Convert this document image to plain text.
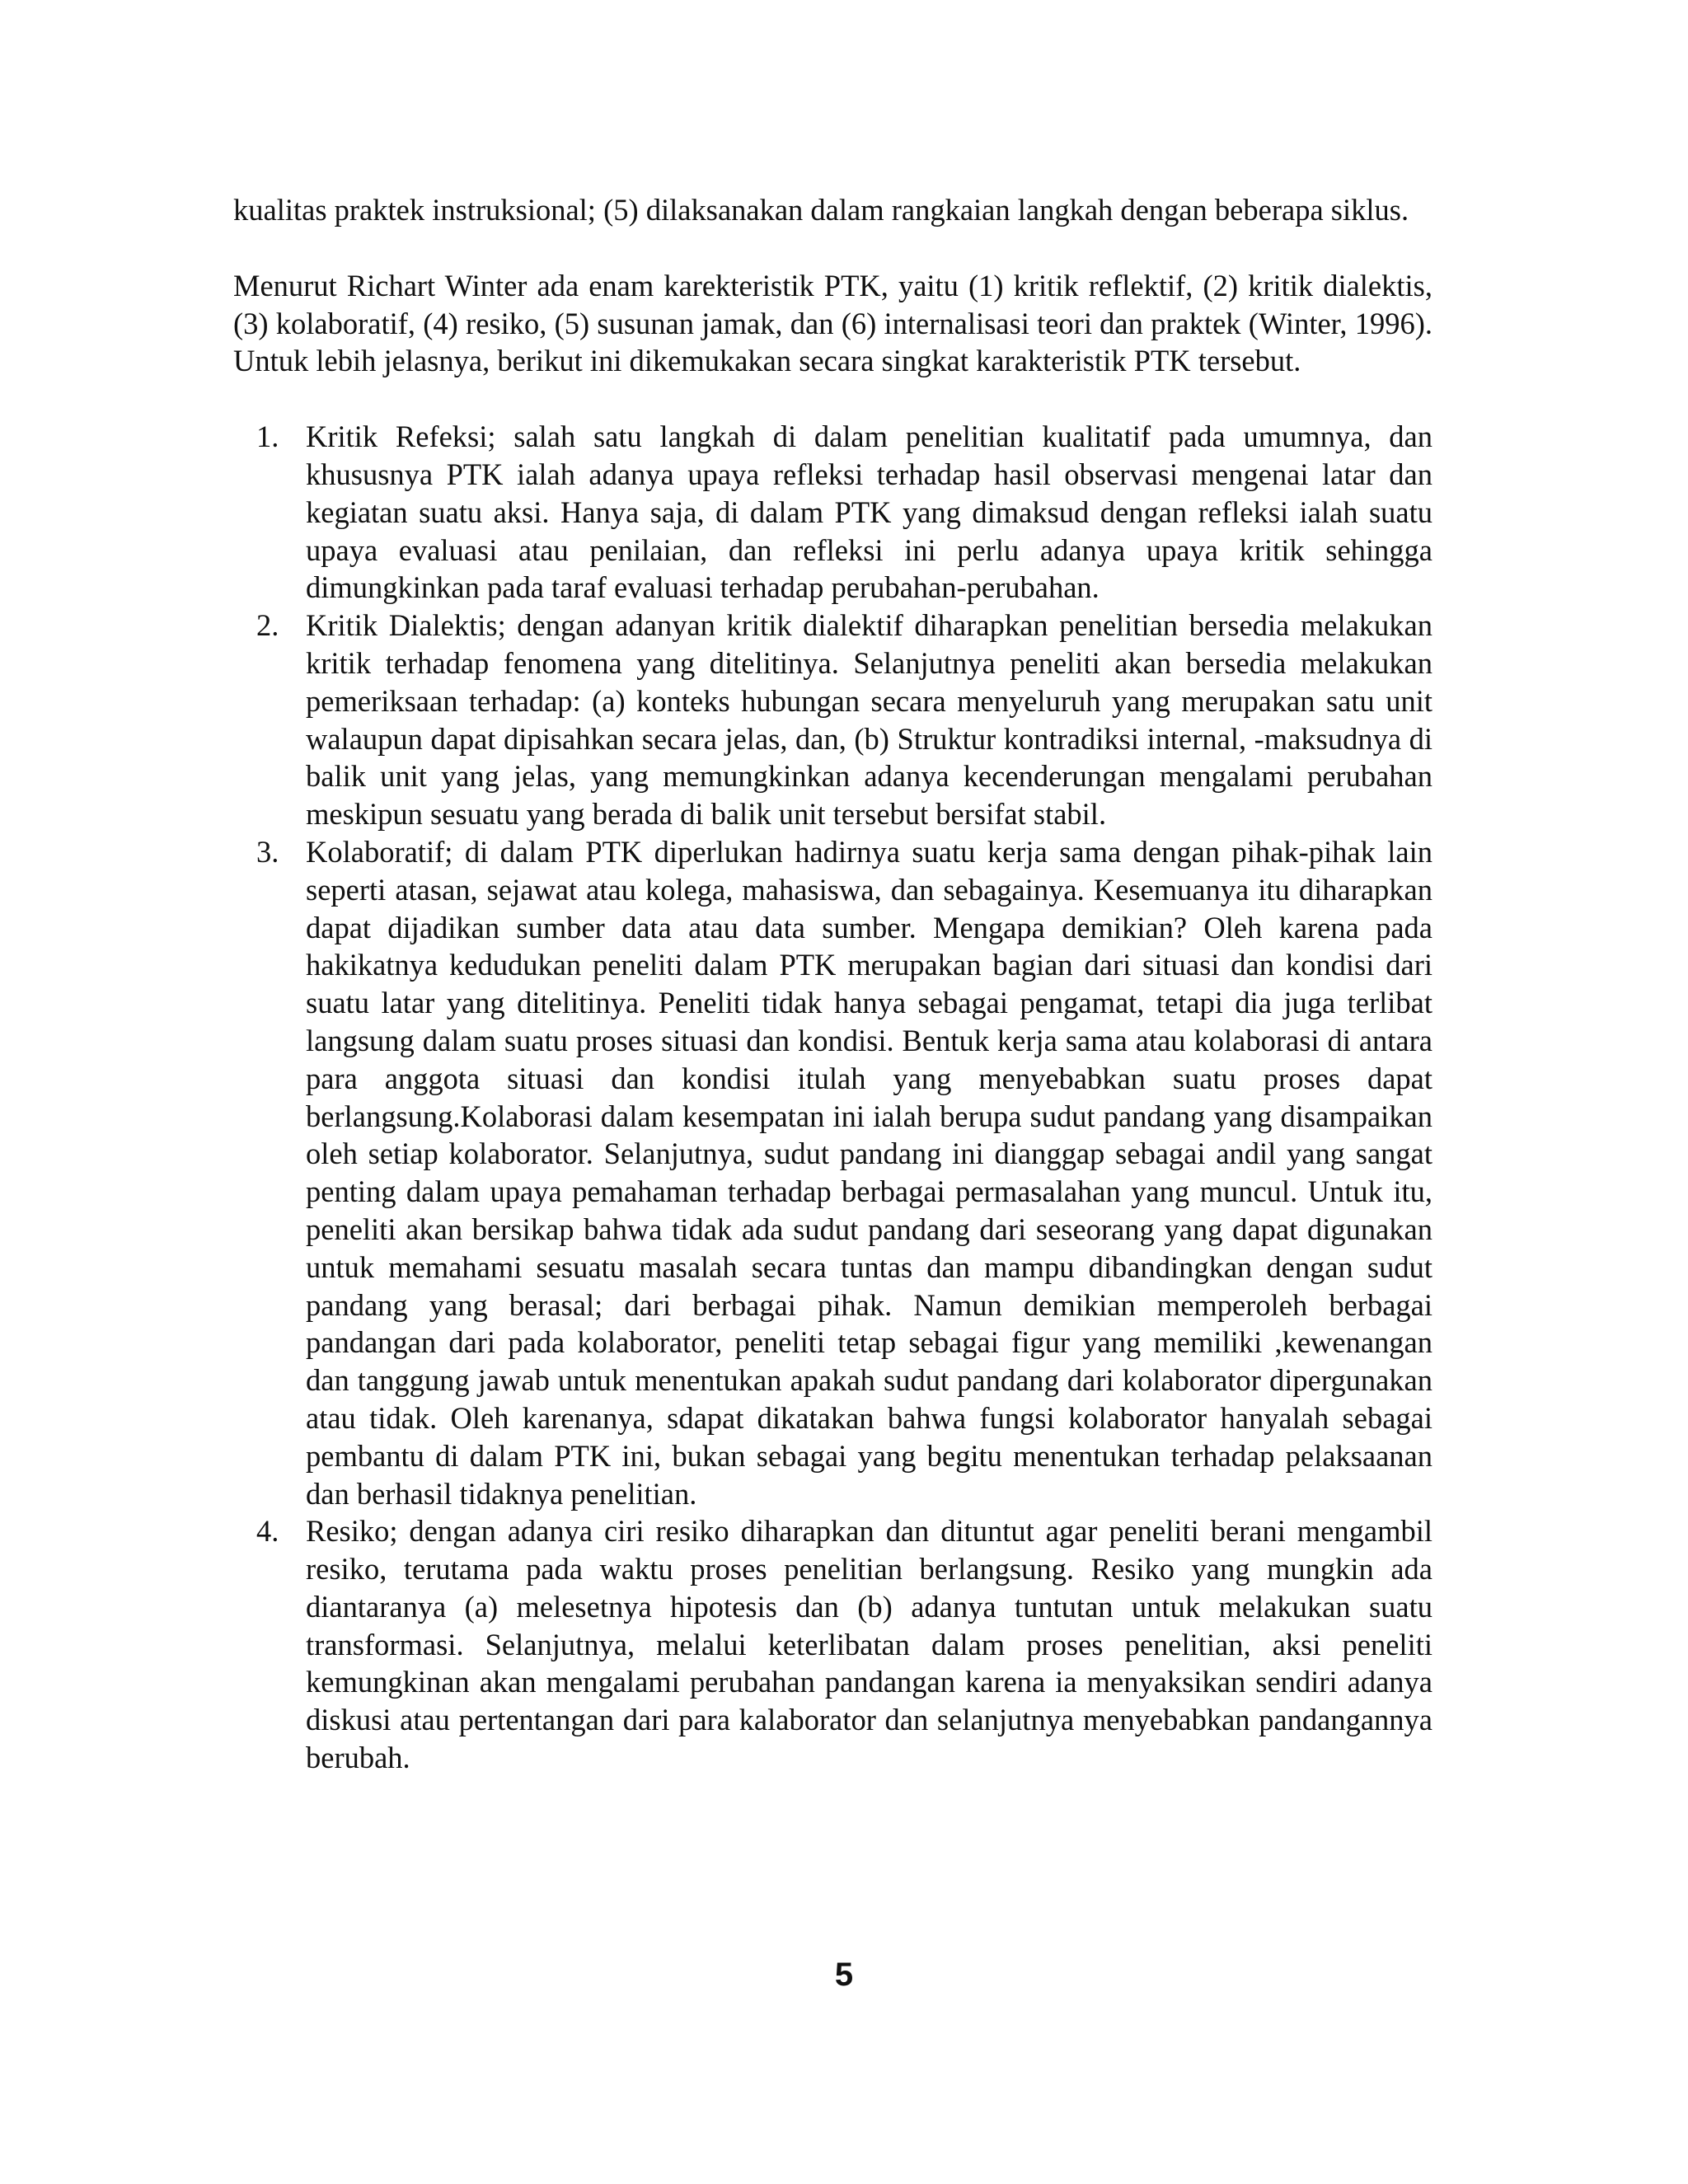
kualitas praktek instruksional; (5) dilaksanakan dalam rangkaian langkah dengan beberapa siklus.

Menurut Richart Winter ada enam karekteristik PTK, yaitu (1) kritik reflektif, (2) kritik dialektis, (3) kolaboratif, (4) resiko, (5) susunan jamak, dan (6) internalisasi teori dan praktek (Winter, 1996). Untuk lebih jelasnya, berikut ini dikemukakan secara singkat karakteristik PTK tersebut.

1. Kritik Refeksi; salah satu langkah di dalam penelitian kualitatif pada umumnya, dan khususnya PTK ialah adanya upaya refleksi terhadap hasil observasi mengenai latar dan kegiatan suatu aksi. Hanya saja, di dalam PTK yang dimaksud dengan refleksi ialah suatu upaya evaluasi atau penilaian, dan refleksi ini perlu adanya upaya kritik sehingga dimungkinkan pada taraf evaluasi terhadap perubahan-perubahan.
2. Kritik Dialektis; dengan adanyan kritik dialektif diharapkan penelitian bersedia melakukan kritik terhadap fenomena yang ditelitinya. Selanjutnya peneliti akan bersedia melakukan pemeriksaan terhadap: (a) konteks hubungan secara menyeluruh yang merupakan satu unit walaupun dapat dipisahkan secara jelas, dan, (b) Struktur kontradiksi internal, -maksudnya di balik unit yang jelas, yang memungkinkan adanya kecenderungan mengalami perubahan meskipun sesuatu yang berada di balik unit tersebut bersifat stabil.
3. Kolaboratif; di dalam PTK diperlukan hadirnya suatu kerja sama dengan pihak-pihak lain seperti atasan, sejawat atau kolega, mahasiswa, dan sebagainya. Kesemuanya itu diharapkan dapat dijadikan sumber data atau data sumber. Mengapa demikian? Oleh karena pada hakikatnya kedudukan peneliti dalam PTK merupakan bagian dari situasi dan kondisi dari suatu latar yang ditelitinya. Peneliti tidak hanya sebagai pengamat, tetapi dia juga terlibat langsung dalam suatu proses situasi dan kondisi. Bentuk kerja sama atau kolaborasi di antara para anggota situasi dan kondisi itulah yang menyebabkan suatu proses dapat berlangsung.Kolaborasi dalam kesempatan ini ialah berupa sudut pandang yang disampaikan oleh setiap kolaborator. Selanjutnya, sudut pandang ini dianggap sebagai andil yang sangat penting dalam upaya pemahaman terhadap berbagai permasalahan yang muncul. Untuk itu, peneliti akan bersikap bahwa tidak ada sudut pandang dari seseorang yang dapat digunakan untuk memahami sesuatu masalah secara tuntas dan mampu dibandingkan dengan sudut pandang yang berasal; dari berbagai pihak. Namun demikian memperoleh berbagai pandangan dari pada kolaborator, peneliti tetap sebagai figur yang memiliki ,kewenangan dan tanggung jawab untuk menentukan apakah sudut pandang dari kolaborator dipergunakan atau tidak. Oleh karenanya, sdapat dikatakan bahwa fungsi kolaborator hanyalah sebagai pembantu di dalam PTK ini, bukan sebagai yang begitu menentukan terhadap pelaksaanan dan berhasil tidaknya penelitian.
4. Resiko; dengan adanya ciri resiko diharapkan dan dituntut agar peneliti berani mengambil resiko, terutama pada waktu proses penelitian berlangsung. Resiko yang mungkin ada diantaranya (a) melesetnya hipotesis dan (b) adanya tuntutan untuk melakukan suatu transformasi. Selanjutnya, melalui keterlibatan dalam proses penelitian, aksi peneliti kemungkinan akan mengalami perubahan pandangan karena ia menyaksikan sendiri adanya diskusi atau pertentangan dari para kalaborator dan selanjutnya menyebabkan pandangannya berubah.
5
